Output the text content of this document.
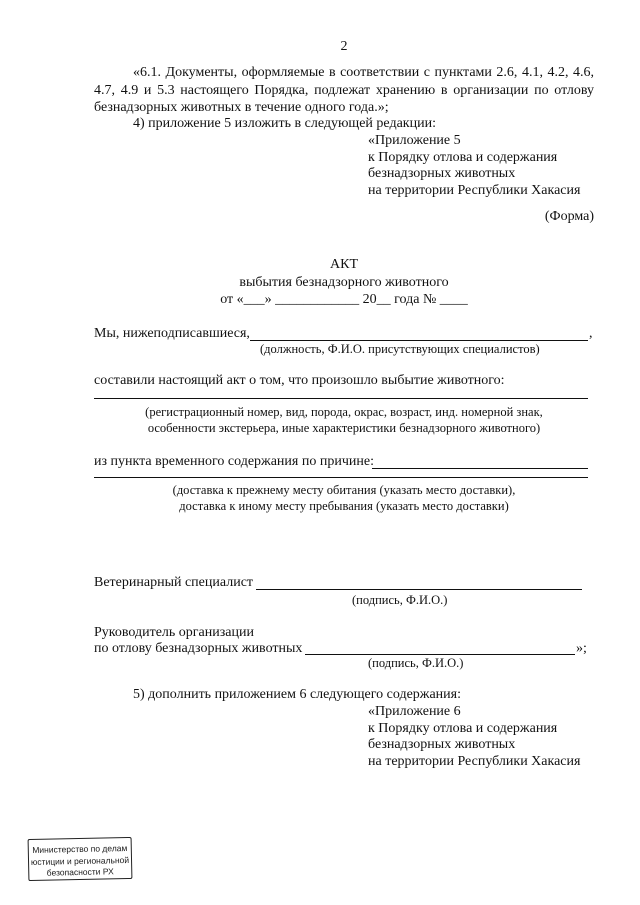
2
«6.1. Документы, оформляемые в соответствии с пунктами 2.6, 4.1, 4.2, 4.6,
4.7, 4.9 и 5.3 настоящего Порядка, подлежат хранению в организации по отлову
безнадзорных животных в течение одного года.»;
4) приложение 5 изложить в следующей редакции:
«Приложение 5
к Порядку отлова и содержания
безнадзорных животных
на территории Республики Хакасия
(Форма)
АКТ
выбытия безнадзорного животного
от «___» ____________ 20__ года № ____
Мы, нижеподписавшиеся,	,
(должность, Ф.И.О. присутствующих специалистов)
составили настоящий акт о том, что произошло выбытие животного:
(регистрационный номер, вид, порода, окрас, возраст, инд. номерной знак,
особенности экстерьера, иные характеристики безнадзорного животного)
из пункта временного содержания по причине:
(доставка к прежнему месту обитания (указать место доставки),
доставка к иному месту пребывания (указать место доставки)
Ветеринарный специалист
(подпись, Ф.И.О.)
Руководитель организации
по отлову безнадзорных животных	»;
(подпись, Ф.И.О.)
5) дополнить приложением 6 следующего содержания:
«Приложение 6
к Порядку отлова и содержания
безнадзорных животных
на территории Республики Хакасия
Министерство по делам
юстиции и региональной
безопасности РХ
